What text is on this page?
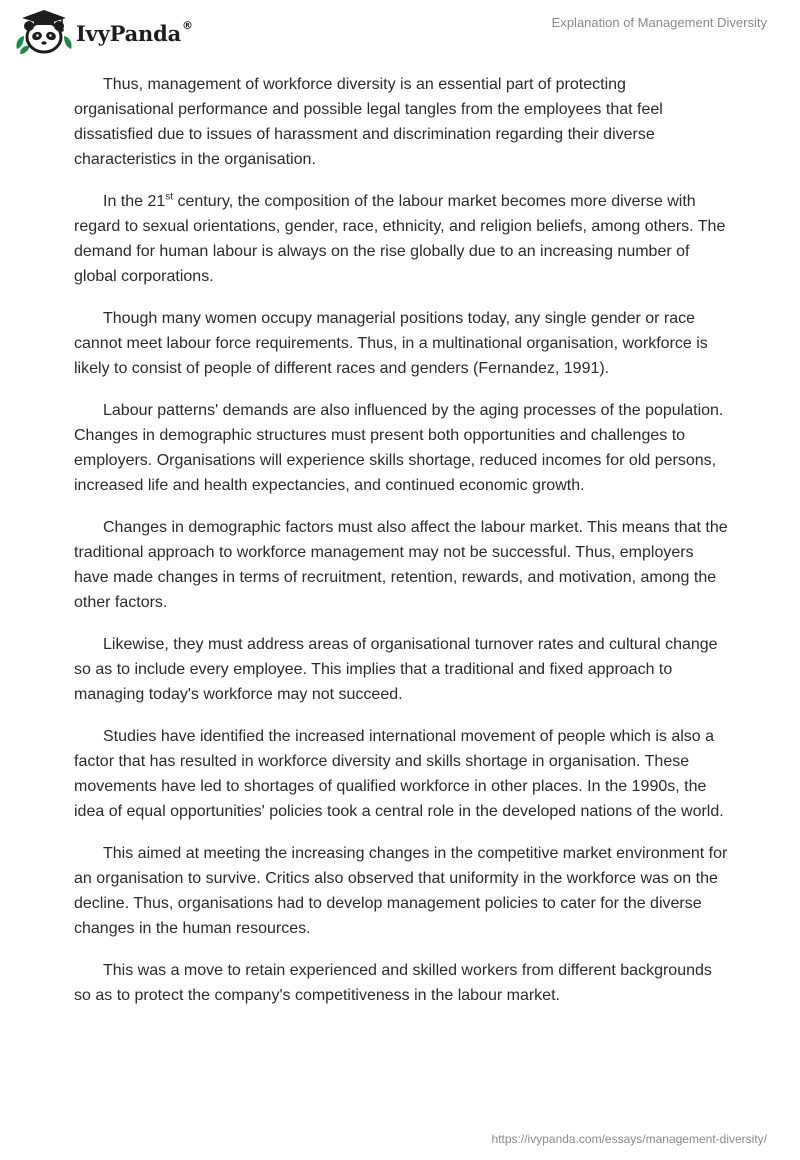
IvyPanda®	Explanation of Management Diversity

Thus, management of workforce diversity is an essential part of protecting organisational performance and possible legal tangles from the employees that feel dissatisfied due to issues of harassment and discrimination regarding their diverse characteristics in the organisation.

In the 21st century, the composition of the labour market becomes more diverse with regard to sexual orientations, gender, race, ethnicity, and religion beliefs, among others. The demand for human labour is always on the rise globally due to an increasing number of global corporations.

Though many women occupy managerial positions today, any single gender or race cannot meet labour force requirements. Thus, in a multinational organisation, workforce is likely to consist of people of different races and genders (Fernandez, 1991).

Labour patterns' demands are also influenced by the aging processes of the population. Changes in demographic structures must present both opportunities and challenges to employers. Organisations will experience skills shortage, reduced incomes for old persons, increased life and health expectancies, and continued economic growth.

Changes in demographic factors must also affect the labour market. This means that the traditional approach to workforce management may not be successful. Thus, employers have made changes in terms of recruitment, retention, rewards, and motivation, among the other factors.

Likewise, they must address areas of organisational turnover rates and cultural change so as to include every employee. This implies that a traditional and fixed approach to managing today's workforce may not succeed.

Studies have identified the increased international movement of people which is also a factor that has resulted in workforce diversity and skills shortage in organisation. These movements have led to shortages of qualified workforce in other places. In the 1990s, the idea of equal opportunities' policies took a central role in the developed nations of the world.

This aimed at meeting the increasing changes in the competitive market environment for an organisation to survive. Critics also observed that uniformity in the workforce was on the decline. Thus, organisations had to develop management policies to cater for the diverse changes in the human resources.

This was a move to retain experienced and skilled workers from different backgrounds so as to protect the company's competitiveness in the labour market.

https://ivypanda.com/essays/management-diversity/
